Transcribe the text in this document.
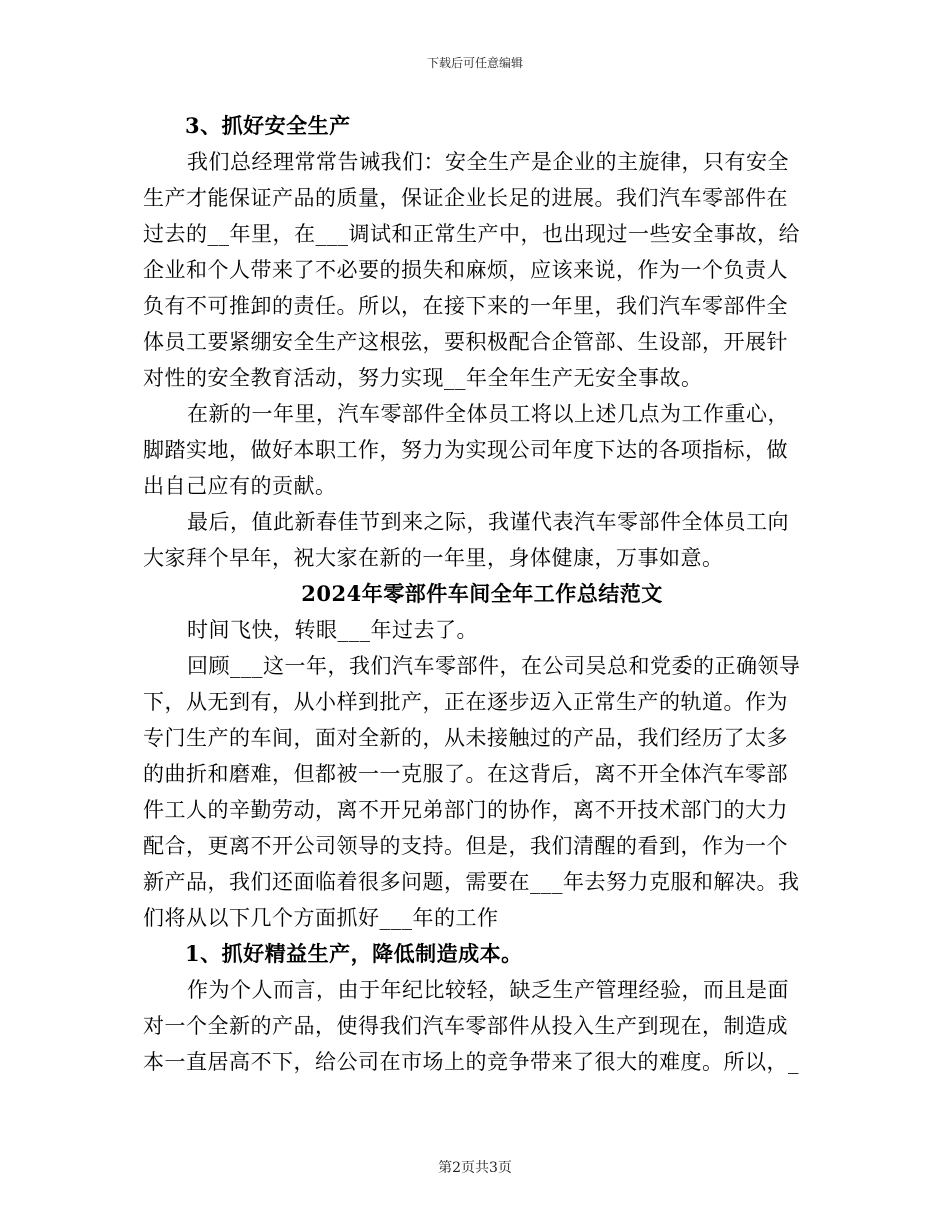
下载后可任意编辑
3、抓好安全生产
我们总经理常常告诫我们：安全生产是企业的主旋律，只有安全
生产才能保证产品的质量，保证企业长足的进展。我们汽车零部件在
过去的__年里，在___调试和正常生产中，也出现过一些安全事故，给
企业和个人带来了不必要的损失和麻烦，应该来说，作为一个负责人
负有不可推卸的责任。所以，在接下来的一年里，我们汽车零部件全
体员工要紧绷安全生产这根弦，要积极配合企管部、生设部，开展针
对性的安全教育活动，努力实现__年全年生产无安全事故。
在新的一年里，汽车零部件全体员工将以上述几点为工作重心，
脚踏实地，做好本职工作，努力为实现公司年度下达的各项指标，做
出自己应有的贡献。
最后，值此新春佳节到来之际，我谨代表汽车零部件全体员工向
大家拜个早年，祝大家在新的一年里，身体健康，万事如意。
2024年零部件车间全年工作总结范文
时间飞快，转眼___年过去了。
回顾___这一年，我们汽车零部件，在公司吴总和党委的正确领导
下，从无到有，从小样到批产，正在逐步迈入正常生产的轨道。作为
专门生产的车间，面对全新的，从未接触过的产品，我们经历了太多
的曲折和磨难，但都被一一克服了。在这背后，离不开全体汽车零部
件工人的辛勤劳动，离不开兄弟部门的协作，离不开技术部门的大力
配合，更离不开公司领导的支持。但是，我们清醒的看到，作为一个
新产品，我们还面临着很多问题，需要在___年去努力克服和解决。我
们将从以下几个方面抓好___年的工作
1、抓好精益生产，降低制造成本。
作为个人而言，由于年纪比较轻，缺乏生产管理经验，而且是面
对一个全新的产品，使得我们汽车零部件从投入生产到现在，制造成
本一直居高不下，给公司在市场上的竞争带来了很大的难度。所以，_
第2页共3页
